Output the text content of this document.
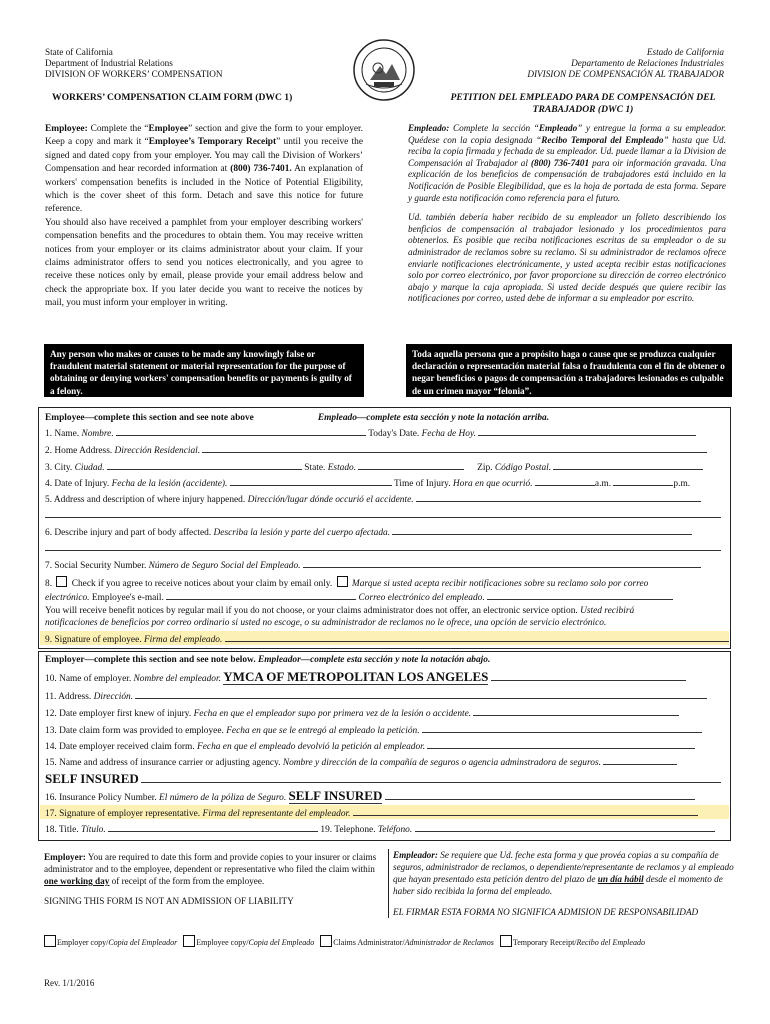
State of California
Department of Industrial Relations
DIVISION OF WORKERS’ COMPENSATION
Estado de California
Departamento de Relaciones Industriales
DIVISION DE COMPENSACIÓN AL TRABAJADOR
WORKERS’ COMPENSATION CLAIM FORM (DWC 1)	PETITION DEL EMPLEADO PARA DE COMPENSACIÓN DEL TRABAJADOR (DWC 1)

Employee: Complete the “Employee” section and give the form to your employer. Keep a copy and mark it “Employee’s Temporary Receipt” until you receive the signed and dated copy from your employer. You may call the Division of Workers’ Compensation and hear recorded information at (800) 736-7401. An explanation of workers' compensation benefits is included in the Notice of Potential Eligibility, which is the cover sheet of this form. Detach and save this notice for future reference.

You should also have received a pamphlet from your employer describing workers' compensation benefits and the procedures to obtain them. You may receive written notices from your employer or its claims administrator about your claim. If your claims administrator offers to send you notices electronically, and you agree to receive these notices only by email, please provide your email address below and check the appropriate box. If you later decide you want to receive the notices by mail, you must inform your employer in writing.

Empleado: Complete la sección “Empleado” y entregue la forma a su empleador. Quédese con la copia designada “Recibo Temporal del Empleado” hasta que Ud. reciba la copia firmada y fechada de su empleador. Ud. puede llamar a la Division de Compensación al Trabajador al (800) 736-7401 para oir información gravada. Una explicación de los beneficios de compensación de trabajadores está incluido en la Notificación de Posible Elegibilidad, que es la hoja de portada de esta forma. Separe y guarde esta notificación como referencia para el futuro.

Ud. también debería haber recibido de su empleador un folleto describiendo los benficios de compensación al trabajador lesionado y los procedimientos para obtenerlos. Es posible que reciba notificaciones escritas de su empleador o de su administrador de reclamos sobre su reclamo. Si su administrador de reclamos ofrece enviarle notificaciones electrónicamente, y usted acepta recibir estas notificaciones solo por correo electrónico, por favor proporcione su dirección de correo electrónico abajo y marque la caja apropiada. Si usted decide después que quiere recibir las notificaciones por correo, usted debe de informar a su empleador por escrito.

Any person who makes or causes to be made any knowingly false or fraudulent material statement or material representation for the purpose of obtaining or denying workers' compensation benefits or payments is guilty of a felony.
Toda aquella persona que a propósito haga o cause que se produzca cualquier declaración o representación material falsa o fraudulenta con el fin de obtener o negar beneficios o pagos de compensación a trabajadores lesionados es culpable de un crimen mayor “felonia”.
Employee—complete this section and see note above	Empleado—complete esta sección y note la notación arriba.
1. Name. Nombre.	Today's Date. Fecha de Hoy.
2. Home Address. Dirección Residencial.
3. City. Ciudad.	State. Estado.	Zip. Código Postal.
4. Date of Injury. Fecha de la lesión (accidente).	Time of Injury. Hora en que ocurrió.	a.m.	p.m.
5. Address and description of where injury happened. Dirección/lugar dónde occurió el accidente.
6. Describe injury and part of body affected. Describa la lesión y parte del cuerpo afectada.
7. Social Security Number. Número de Seguro Social del Empleado.
8. Check if you agree to receive notices about your claim by email only. Marque si usted acepta recibir notificaciones sobre su reclamo solo por correo
electrónico. Employee's e-mail.	Correo electrónico del empleado.
You will receive benefit notices by regular mail if you do not choose, or your claims administrator does not offer, an electronic service option. Usted recibirá
notificaciones de beneficios por correo ordinario si usted no escoge, o su administrador de reclamos no le ofrece, una opción de servicio electrónico.
9. Signature of employee. Firma del empleado.
Employer—complete this section and see note below. Empleador—complete esta sección y note la notación abajo.
10. Name of employer. Nombre del empleador. YMCA OF METROPOLITAN LOS ANGELES
11. Address. Dirección.
12. Date employer first knew of injury. Fecha en que el empleador supo por primera vez de la lesión o accidente.
13. Date claim form was provided to employee. Fecha en que se le entregó al empleado la petición.
14. Date employer received claim form. Fecha en que el empleado devolvió la petición al empleador.
15. Name and address of insurance carrier or adjusting agency. Nombre y dirección de la compañía de seguros o agencia adminstradora de seguros.
SELF INSURED
16. Insurance Policy Number. El número de la póliza de Seguro. SELF INSURED
17. Signature of employer representative. Firma del representante del empleador.
18. Title. Título.	19. Telephone. Teléfono.
Employer: You are required to date this form and provide copies to your insurer or claims administrator and to the employee, dependent or representative who filed the claim within one working day of receipt of the form from the employee.
SIGNING THIS FORM IS NOT AN ADMISSION OF LIABILITY
Empleador: Se requiere que Ud. feche esta forma y que provéa copias a su compañía de seguros, administrador de reclamos, o dependiente/representante de reclamos y al empleado que hayan presentado esta petición dentro del plazo de un día hábil desde el momento de haber sido recibida la forma del empleado.
EL FIRMAR ESTA FORMA NO SIGNIFICA ADMISION DE RESPONSABILIDAD
Employer copy/Copia del Empleador Employee copy/Copia del Empleado Claims Administrator/Administrador de Reclamos Temporary Receipt/Recibo del Empleado
Rev. 1/1/2016
